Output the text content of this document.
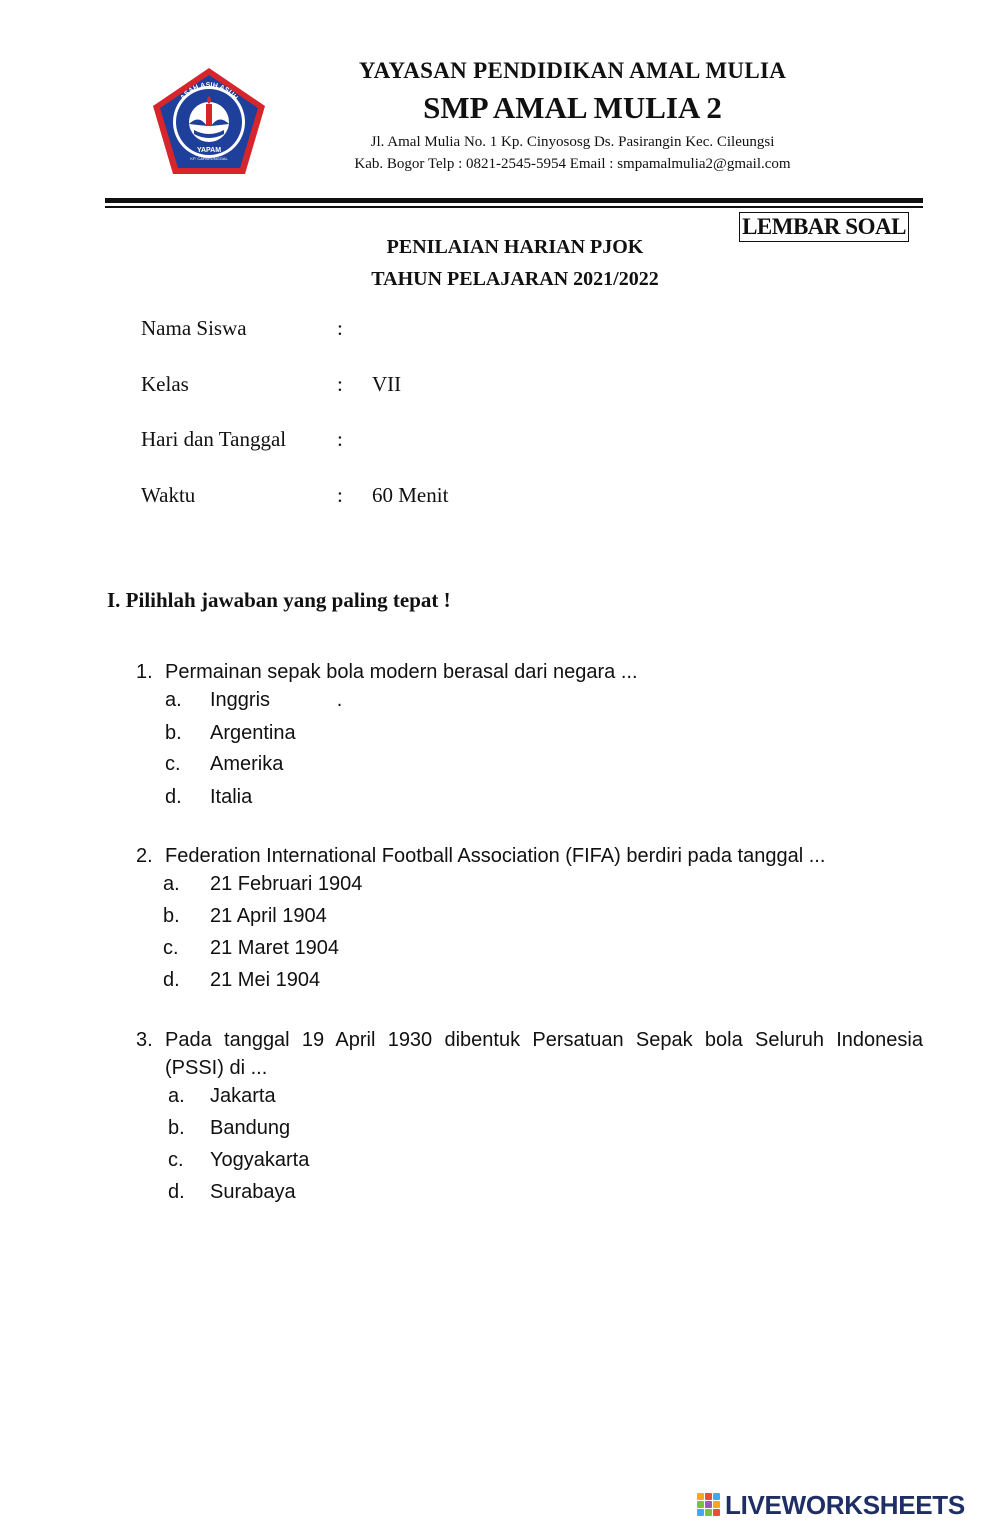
ASAH ASIH ASUH
YAPAM
KP. CAPARUNGGAL
YAYASAN PENDIDIKAN AMAL MULIA
SMP AMAL MULIA 2
Jl. Amal Mulia No. 1 Kp. Cinyososg Ds. Pasirangin Kec. Cileungsi
Kab. Bogor Telp : 0821-2545-5954 Email : smpamalmulia2@gmail.com
LEMBAR SOAL
PENILAIAN HARIAN PJOK
TAHUN PELAJARAN 2021/2022
Nama Siswa	:
Kelas	: VII
Hari dan Tanggal :
Waktu	: 60 Menit
I. Pilihlah jawaban yang paling tepat !
1. Permainan sepak bola modern berasal dari negara ...
a.	Inggris            .
b.	Argentina
c.	Amerika
d.	Italia
2. Federation International Football Association (FIFA) berdiri pada tanggal ...
a.	21 Februari 1904
b.	21 April 1904
c.	21 Maret 1904
d.	21 Mei 1904
3. Pada tanggal 19 April 1930 dibentuk Persatuan Sepak bola Seluruh Indonesia
(PSSI) di ...
a.	Jakarta
b.	Bandung
c.	Yogyakarta
d.	Surabaya
LIVEWORKSHEETS
